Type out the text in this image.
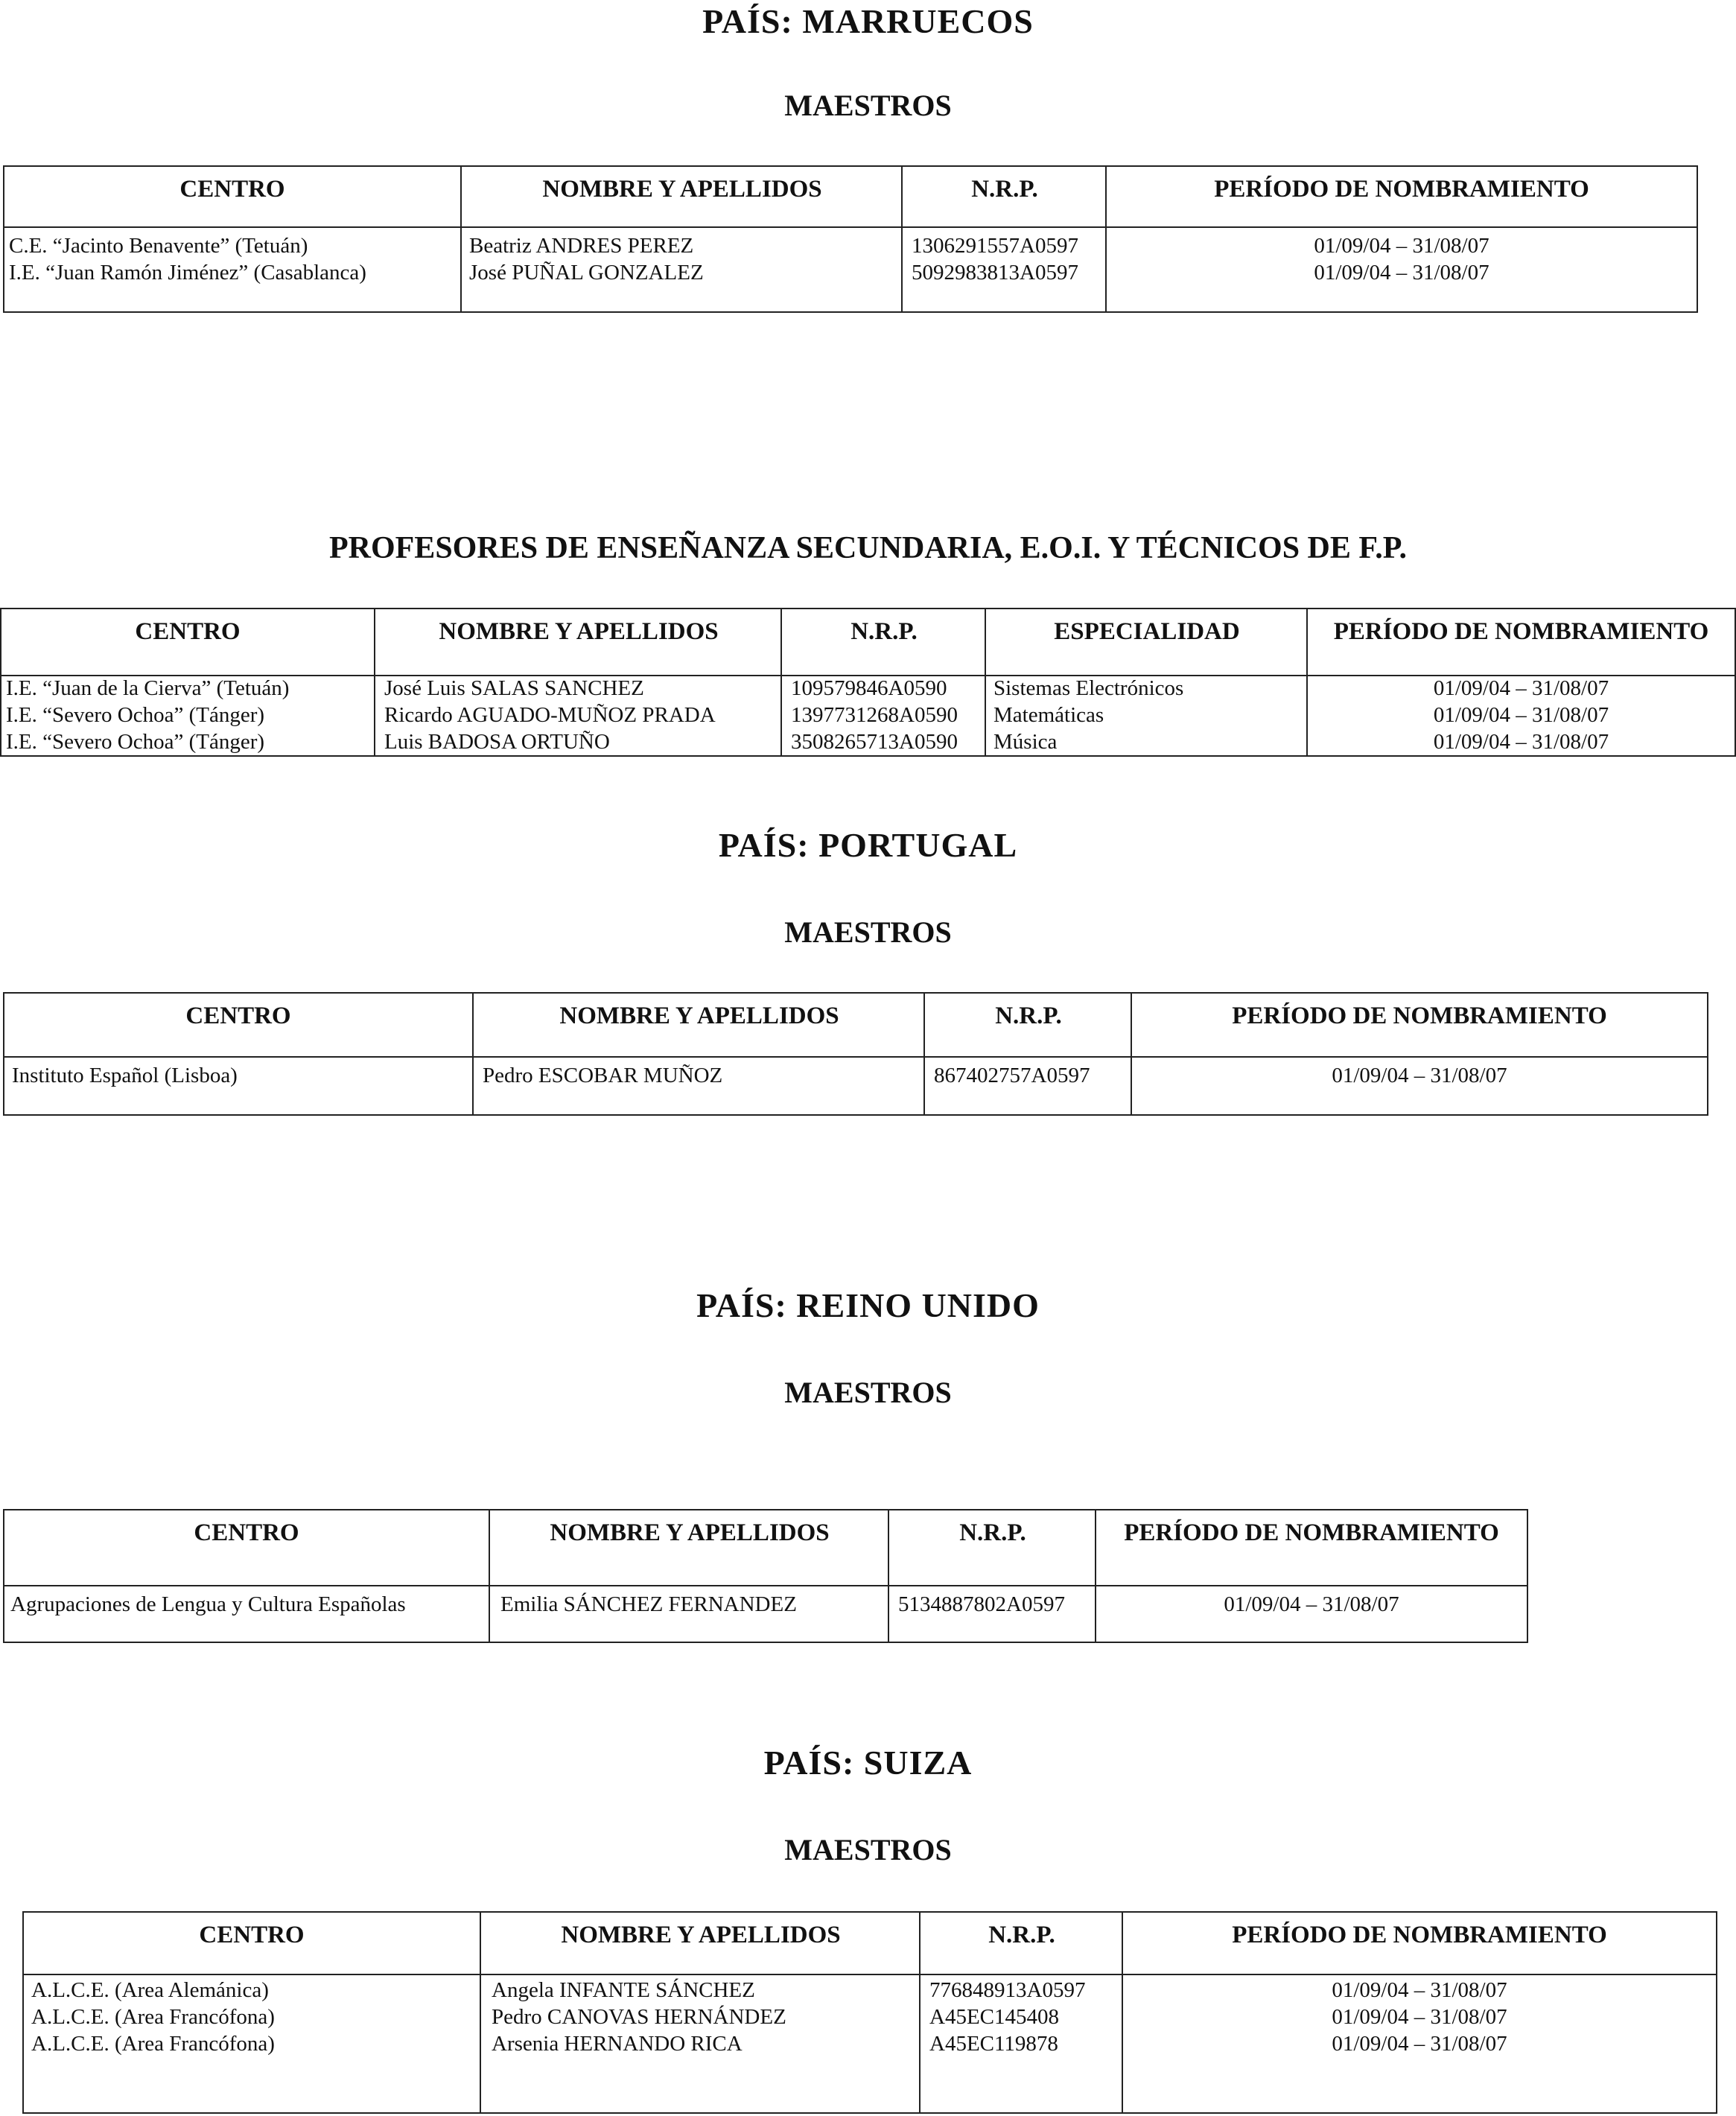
PAÍS: MARRUECOS
MAESTROS
CENTRO
C.E. “Jacinto Benavente” (Tetuán)
I.E. “Juan Ramón Jiménez” (Casablanca)
NOMBRE Y APELLIDOS
Beatriz ANDRES PEREZ
José PUÑAL GONZALEZ
N.R.P.
1306291557A0597
5092983813A0597
PERÍODO DE NOMBRAMIENTO
01/09/04 – 31/08/07
01/09/04 – 31/08/07
PROFESORES DE ENSEÑANZA SECUNDARIA, E.O.I. Y TÉCNICOS DE F.P.
CENTRO
I.E. “Juan de la Cierva” (Tetuán)
I.E. “Severo Ochoa” (Tánger)
I.E. “Severo Ochoa” (Tánger)
NOMBRE Y APELLIDOS
José Luis SALAS SANCHEZ
Ricardo AGUADO-MUÑOZ PRADA
Luis BADOSA ORTUÑO
N.R.P.
109579846A0590
1397731268A0590
3508265713A0590
ESPECIALIDAD
Sistemas Electrónicos
Matemáticas
Música
PERÍODO DE NOMBRAMIENTO
01/09/04 – 31/08/07
01/09/04 – 31/08/07
01/09/04 – 31/08/07
PAÍS: PORTUGAL
MAESTROS
CENTRO
Instituto Español (Lisboa)
NOMBRE Y APELLIDOS
Pedro ESCOBAR MUÑOZ
N.R.P.
867402757A0597
PERÍODO DE NOMBRAMIENTO
01/09/04 – 31/08/07
PAÍS: REINO UNIDO
MAESTROS
CENTRO
Agrupaciones de Lengua y Cultura Españolas
NOMBRE Y APELLIDOS
Emilia SÁNCHEZ FERNANDEZ
N.R.P.
5134887802A0597
PERÍODO DE NOMBRAMIENTO
01/09/04 – 31/08/07
PAÍS: SUIZA
MAESTROS
CENTRO
A.L.C.E. (Area Alemánica)
A.L.C.E. (Area Francófona)
A.L.C.E. (Area Francófona)
NOMBRE Y APELLIDOS
Angela INFANTE SÁNCHEZ
Pedro CANOVAS HERNÁNDEZ
Arsenia HERNANDO RICA
N.R.P.
776848913A0597
A45EC145408
A45EC119878
PERÍODO DE NOMBRAMIENTO
01/09/04 – 31/08/07
01/09/04 – 31/08/07
01/09/04 – 31/08/07
